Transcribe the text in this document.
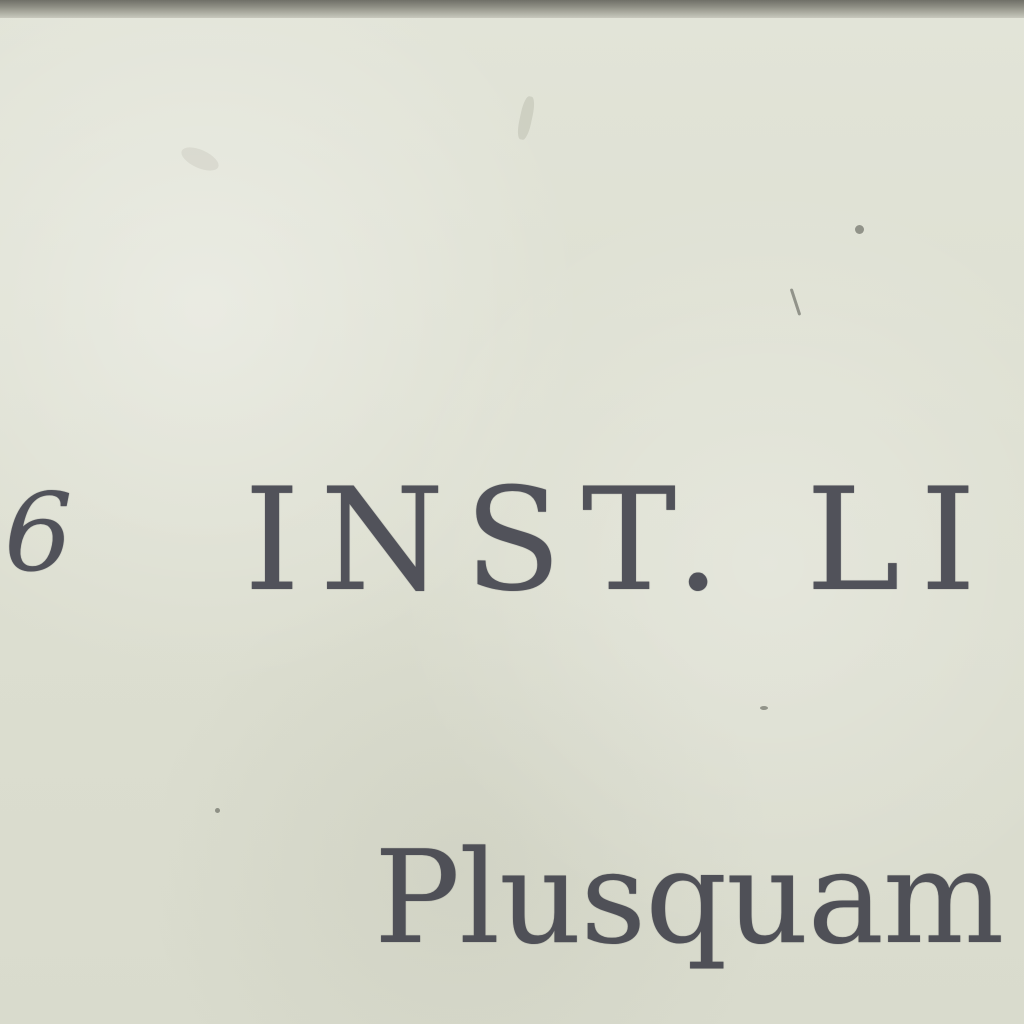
6 INST. LI
Plusquam
